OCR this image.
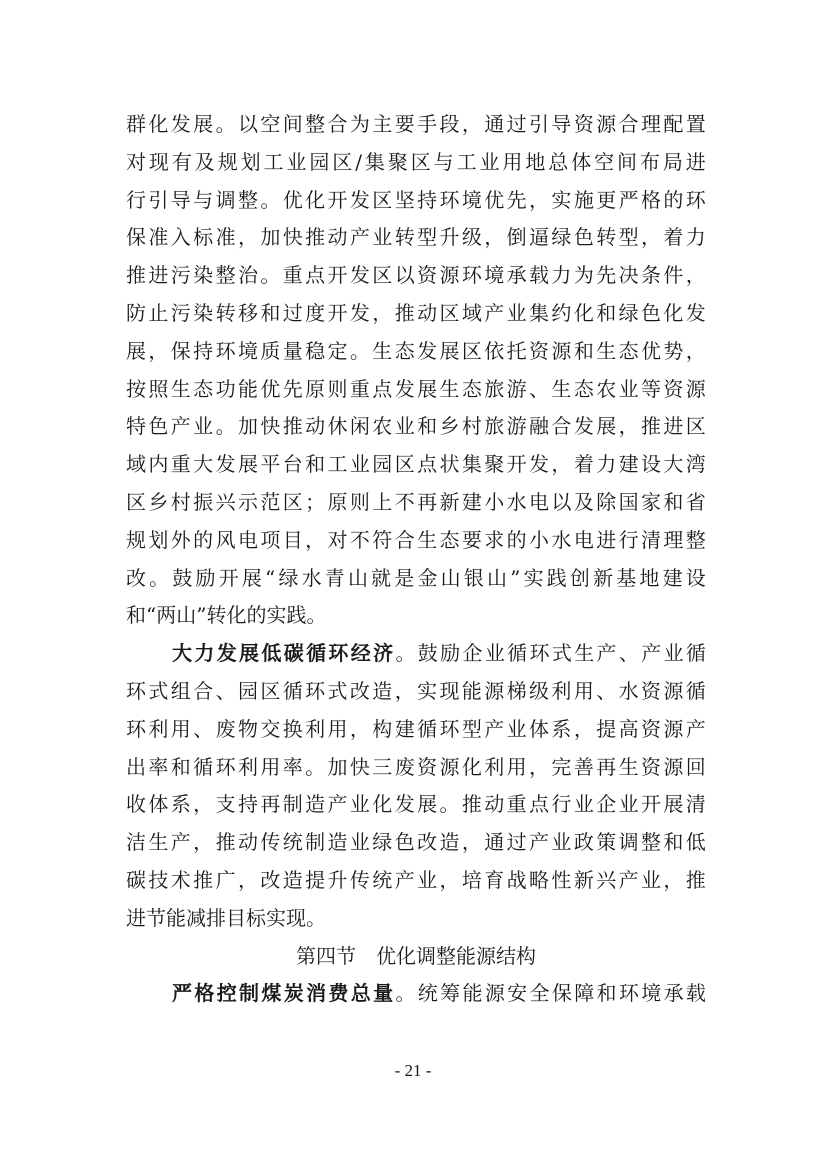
群 化 发 展 。 以 空 间 整 合 为 主 要 手 段 ， 通 过 引 导 资 源 合 理 配 置
对 现 有 及 规 划 工 业 园 区 / 集 聚 区 与 工 业 用 地 总 体 空 间 布 局 进
行 引 导 与 调 整 。 优 化 开 发 区 坚 持 环 境 优 先 ， 实 施 更 严 格 的 环
保 准 入 标 准 ， 加 快 推 动 产 业 转 型 升 级 ， 倒 逼 绿 色 转 型 ， 着 力
推 进 污 染 整 治 。 重 点 开 发 区 以 资 源 环 境 承 载 力 为 先 决 条 件 ，
防 止 污 染 转 移 和 过 度 开 发 ， 推 动 区 域 产 业 集 约 化 和 绿 色 化 发
展 ， 保 持 环 境 质 量 稳 定 。 生 态 发 展 区 依 托 资 源 和 生 态 优 势 ，
按 照 生 态 功 能 优 先 原 则 重 点 发 展 生 态 旅 游 、 生 态 农 业 等 资 源
特 色 产 业 。 加 快 推 动 休 闲 农 业 和 乡 村 旅 游 融 合 发 展 ， 推 进 区
域 内 重 大 发 展 平 台 和 工 业 园 区 点 状 集 聚 开 发 ， 着 力 建 设 大 湾
区 乡 村 振 兴 示 范 区 ； 原 则 上 不 再 新 建 小 水 电 以 及 除 国 家 和 省
规 划 外 的 风 电 项 目 ， 对 不 符 合 生 态 要 求 的 小 水 电 进 行 清 理 整
改 。 鼓 励 开 展 “ 绿 水 青 山 就 是 金 山 银 山 ” 实 践 创 新 基 地 建 设
和 “ 两 山 ” 转 化 的 实 践 。
大 力 发 展 低 碳 循 环 经 济 。 鼓 励 企 业 循 环 式 生 产 、 产 业 循
环 式 组 合 、 园 区 循 环 式 改 造 ， 实 现 能 源 梯 级 利 用 、 水 资 源 循
环 利 用 、 废 物 交 换 利 用 ， 构 建 循 环 型 产 业 体 系 ， 提 高 资 源 产
出 率 和 循 环 利 用 率 。 加 快 三 废 资 源 化 利 用 ， 完 善 再 生 资 源 回
收 体 系 ， 支 持 再 制 造 产 业 化 发 展 。 推 动 重 点 行 业 企 业 开 展 清
洁 生 产 ， 推 动 传 统 制 造 业 绿 色 改 造 ， 通 过 产 业 政 策 调 整 和 低
碳 技 术 推 广 ， 改 造 提 升 传 统 产 业 ， 培 育 战 略 性 新 兴 产 业 ， 推
进 节 能 减 排 目 标 实 现 。
第四节　优化调整能源结构
严 格 控 制 煤 炭 消 费 总 量 。 统 筹 能 源 安 全 保 障 和 环 境 承 载
- 21 -
